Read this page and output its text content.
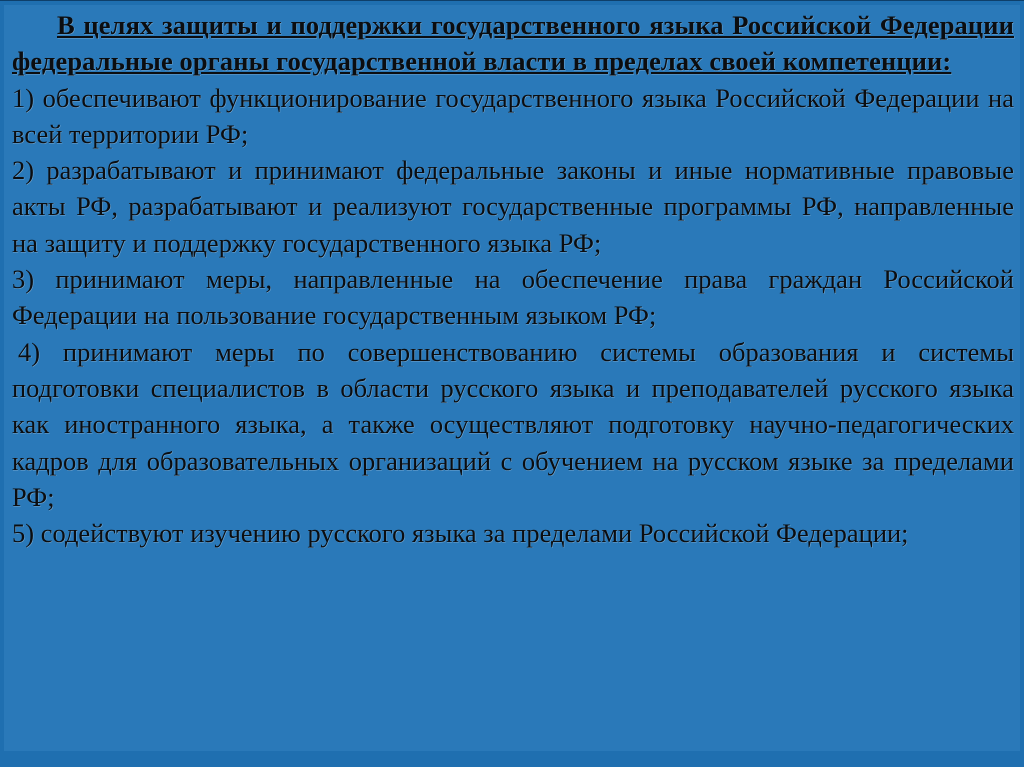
В целях защиты и поддержки государственного языка Российской Федерации федеральные органы государственной власти в пределах своей компетенции:
1) обеспечивают функционирование государственного языка Российской Федерации на всей территории РФ;
2) разрабатывают и принимают федеральные законы и иные нормативные правовые акты РФ, разрабатывают и реализуют государственные программы РФ, направленные на защиту и поддержку государственного языка РФ;
3) принимают меры, направленные на обеспечение права граждан Российской Федерации на пользование государственным языком РФ;
4) принимают меры по совершенствованию системы образования и системы подготовки специалистов в области русского языка и преподавателей русского языка как иностранного языка, а также осуществляют подготовку научно-педагогических кадров для образовательных организаций с обучением на русском языке за пределами РФ;
5) содействуют изучению русского языка за пределами Российской Федерации;
